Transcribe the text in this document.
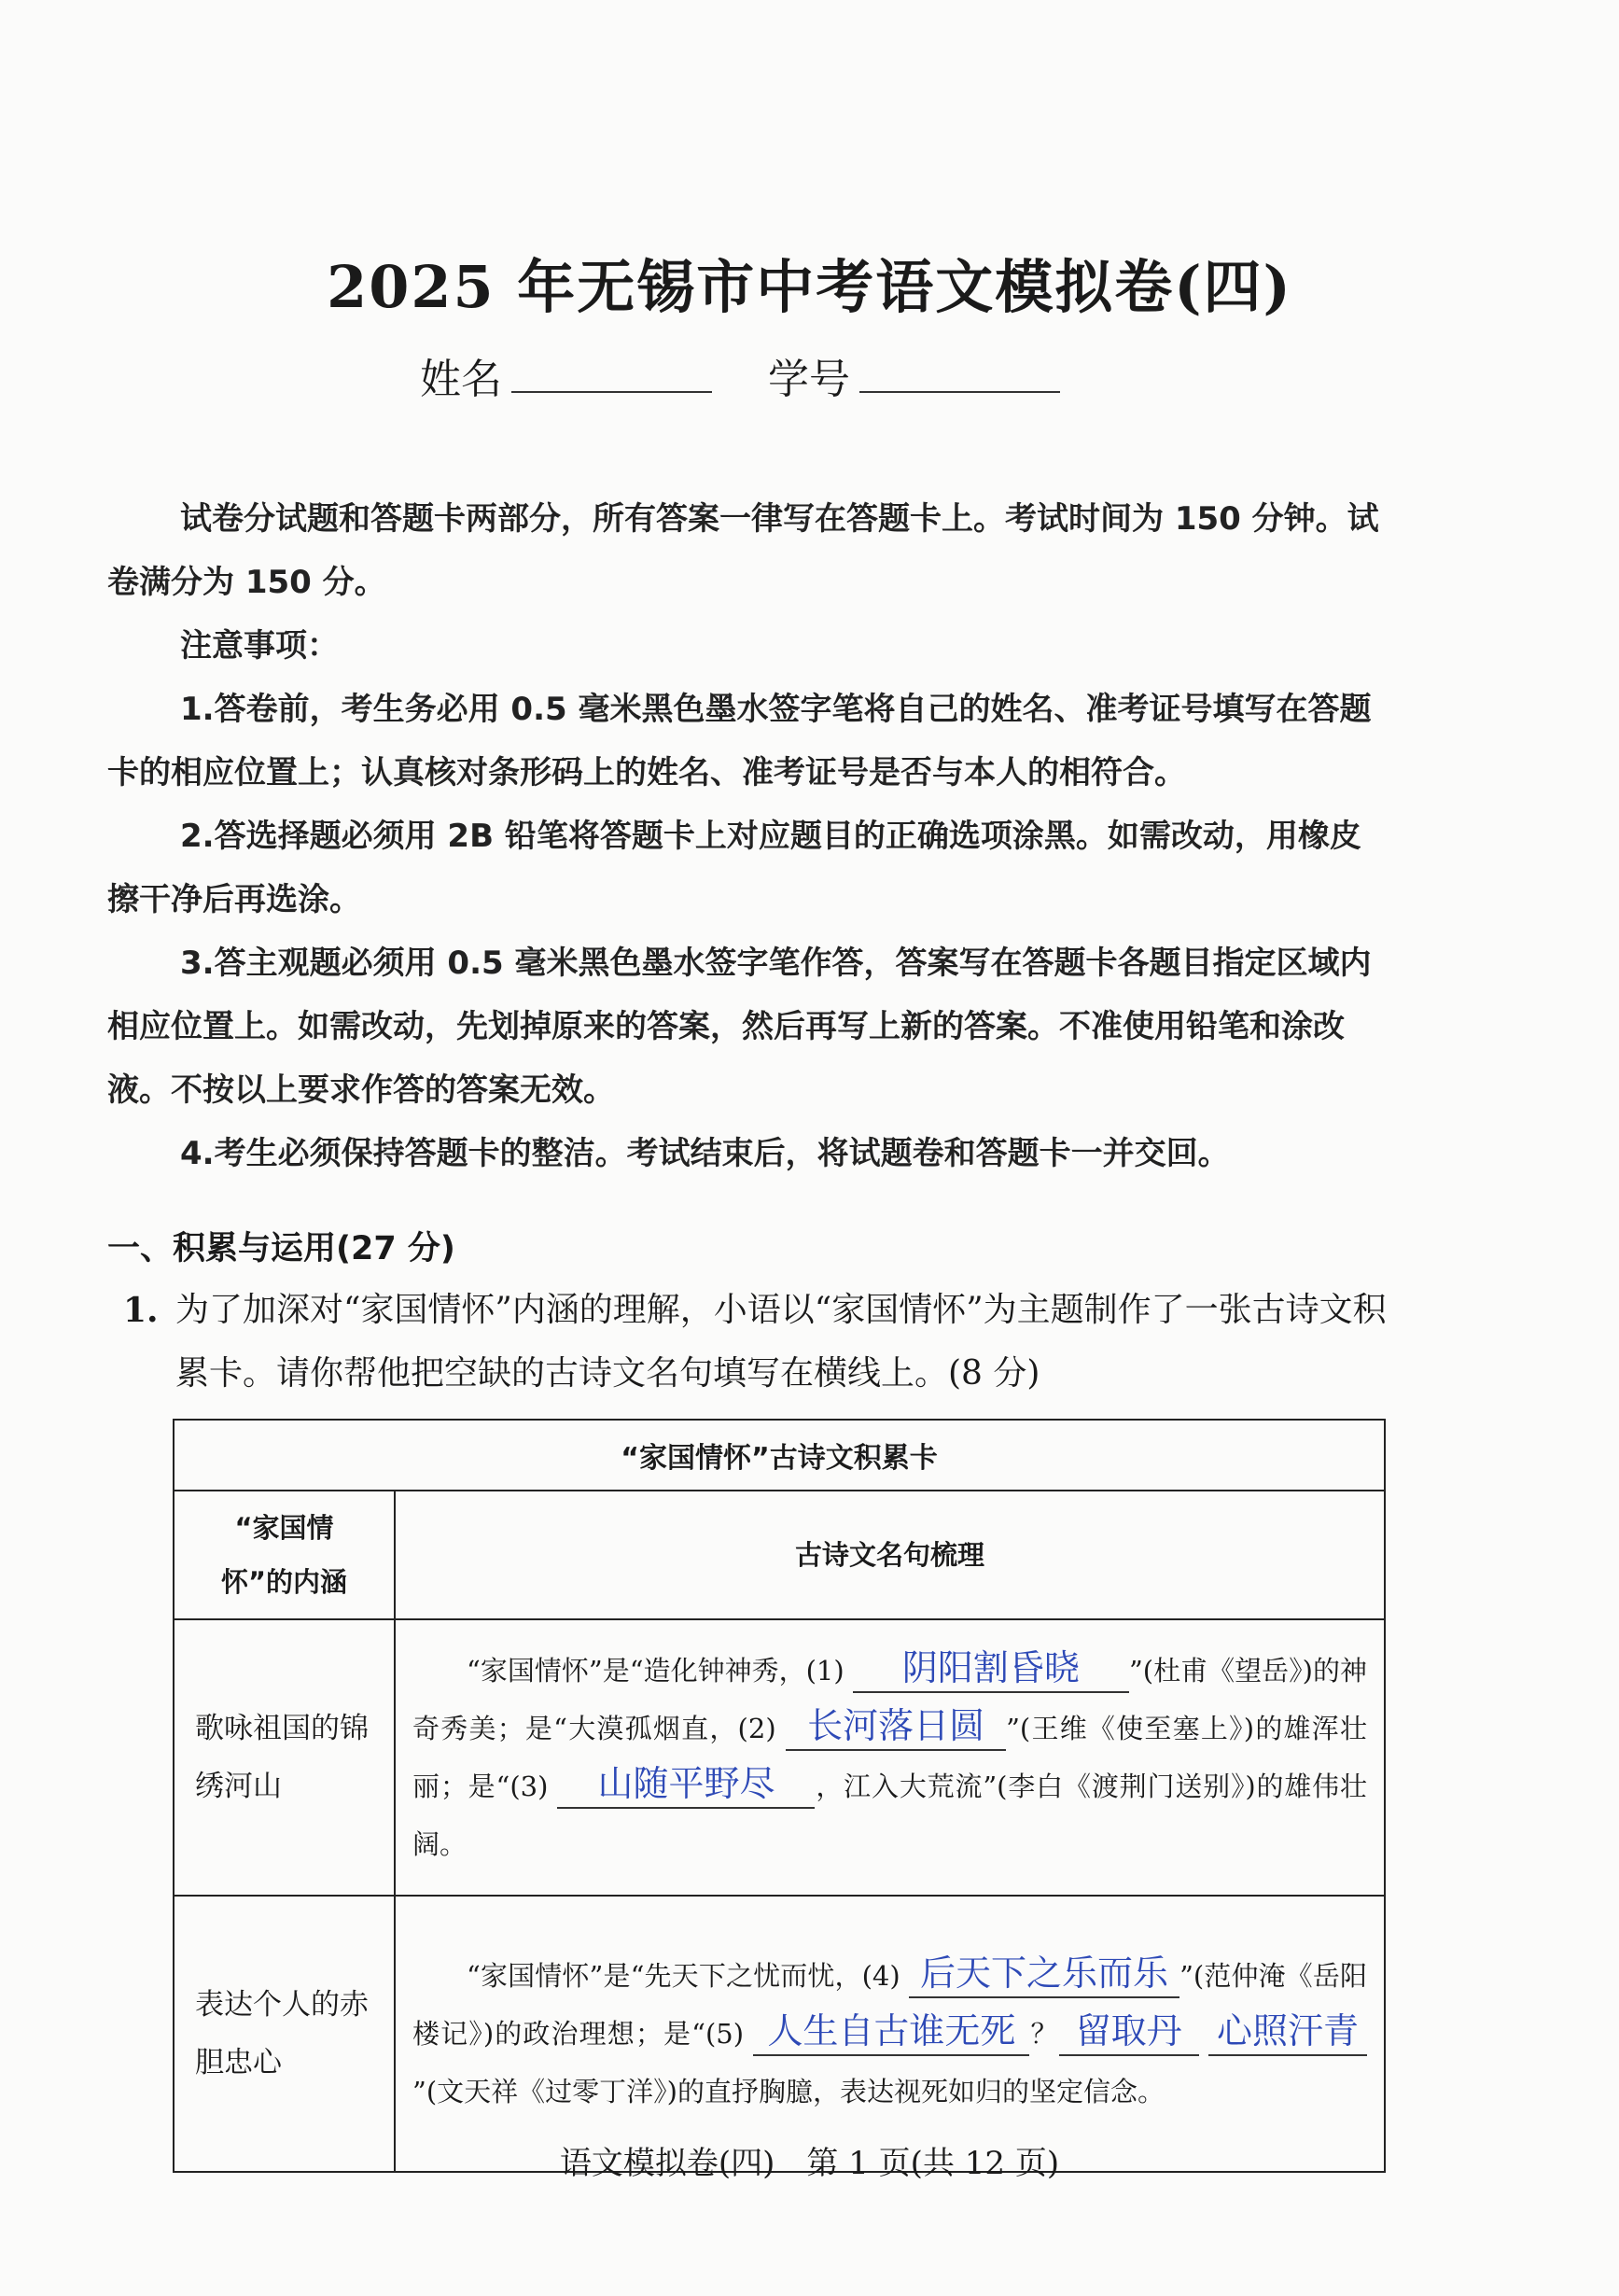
2025 年无锡市中考语文模拟卷(四)
姓名	学号
试卷分试题和答题卡两部分，所有答案一律写在答题卡上。考试时间为 150 分钟。试卷满分为 150 分。
注意事项：
1.答卷前，考生务必用 0.5 毫米黑色墨水签字笔将自己的姓名、准考证号填写在答题卡的相应位置上；认真核对条形码上的姓名、准考证号是否与本人的相符合。
2.答选择题必须用 2B 铅笔将答题卡上对应题目的正确选项涂黑。如需改动，用橡皮擦干净后再选涂。
3.答主观题必须用 0.5 毫米黑色墨水签字笔作答，答案写在答题卡各题目指定区域内相应位置上。如需改动，先划掉原来的答案，然后再写上新的答案。不准使用铅笔和涂改液。不按以上要求作答的答案无效。
4.考生必须保持答题卡的整洁。考试结束后，将试题卷和答题卡一并交回。
一、积累与运用(27 分)
1. 为了加深对“家国情怀”内涵的理解，小语以“家国情怀”为主题制作了一张古诗文积累卡。请你帮他把空缺的古诗文名句填写在横线上。(8 分)
“家国情怀”古诗文积累卡	

“家国情怀”的内涵	古诗文名句梳理

歌咏祖国的锦绣河山	“家国情怀”是“造化钟神秀，(1) 阴阳割昏晓 ”(杜甫《望岳》)的神奇秀美；是“大漠孤烟直，(2) 长河落日圆 ”(王维《使至塞上》)的雄浑壮丽；是“(3) 山随平野尽 ，江入大荒流”(李白《渡荆门送别》)的雄伟壮阔。

表达个人的赤胆忠心	“家国情怀”是“先天下之忧而忧，(4) 后天下之乐而乐 ”(范仲淹《岳阳楼记》)的政治理想；是“(5) 人生自古谁无死 ？ 留取丹 心照汗青”(文天祥《过零丁洋》)的直抒胸臆，表达视死如归的坚定信念。
语文模拟卷(四)　第 1 页(共 12 页)
